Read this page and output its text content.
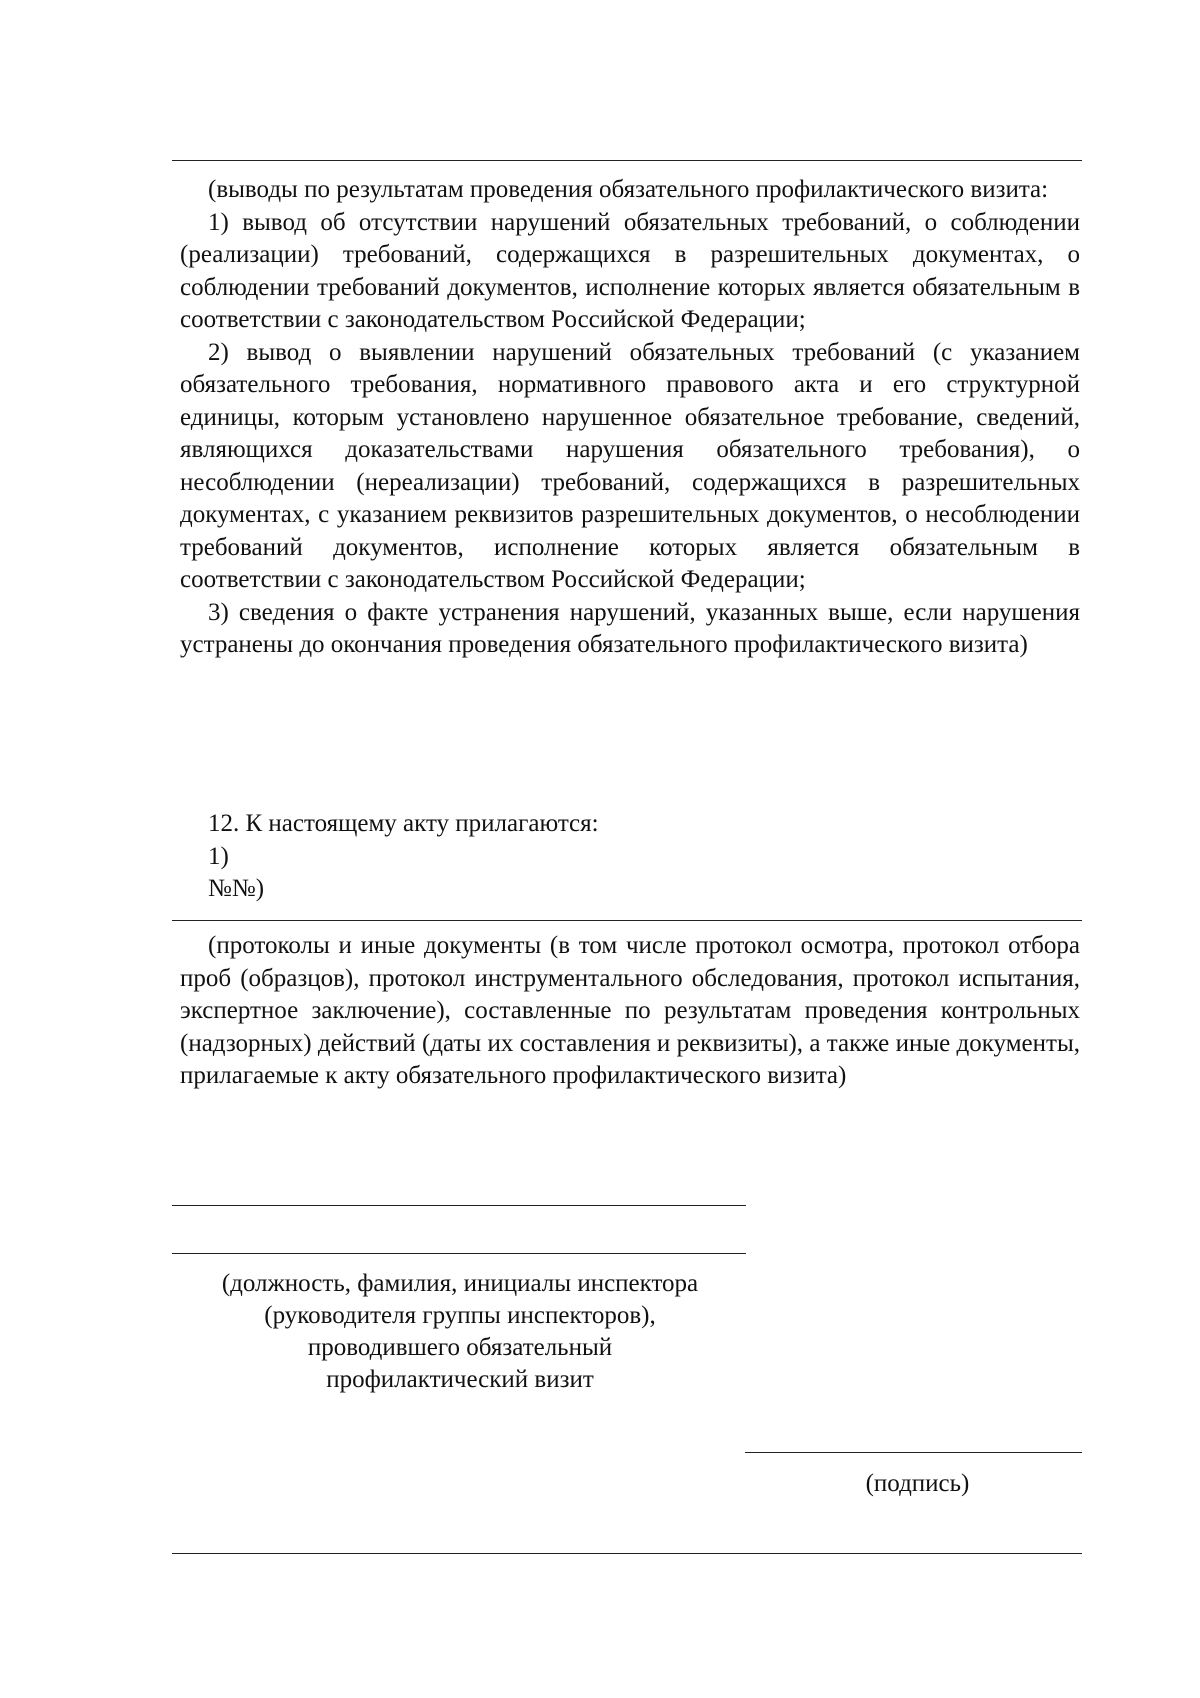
(выводы по результатам проведения обязательного профилактического визита:

1) вывод об отсутствии нарушений обязательных требований, о соблюдении (реализации) требований, содержащихся в разрешительных документах, о соблюдении требований документов, исполнение которых является обязательным в соответствии с законодательством Российской Федерации;

2) вывод о выявлении нарушений обязательных требований (с указанием обязательного требования, нормативного правового акта и его структурной единицы, которым установлено нарушенное обязательное требование, сведений, являющихся доказательствами нарушения обязательного требования), о несоблюдении (нереализации) требований, содержащихся в разрешительных документах, с указанием реквизитов разрешительных документов, о несоблюдении требований документов, исполнение которых является обязательным в соответствии с законодательством Российской Федерации;

3) сведения о факте устранения нарушений, указанных выше, если нарушения устранены до окончания проведения обязательного профилактического визита)

12. К настоящему акту прилагаются:

1)

№№)

(протоколы и иные документы (в том числе протокол осмотра, протокол отбора проб (образцов), протокол инструментального обследования, протокол испытания, экспертное заключение), составленные по результатам проведения контрольных (надзорных) действий (даты их составления и реквизиты), а также иные документы, прилагаемые к акту обязательного профилактического визита)

(должность, фамилия, инициалы инспектора

(руководителя группы инспекторов),

проводившего обязательный

профилактический визит

(подпись)
